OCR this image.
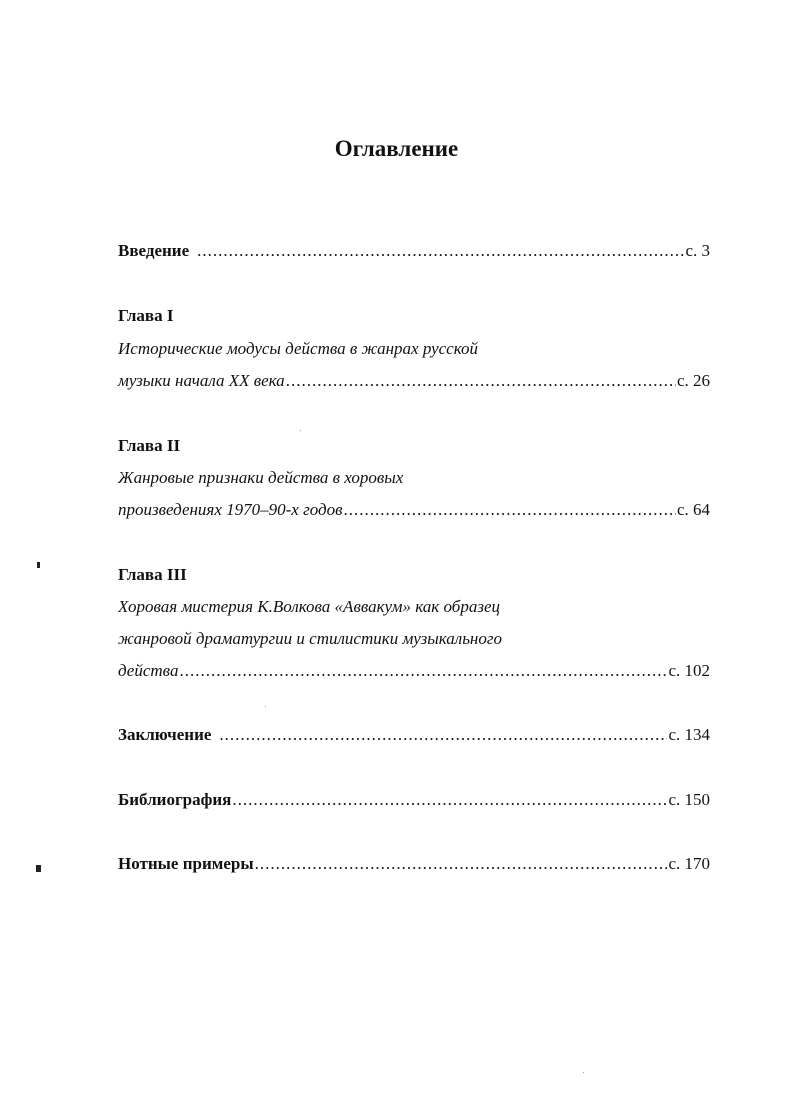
Оглавление
Введение .....	с. 3
Глава I
Исторические модусы действа в жанрах русской
музыки начала XX века .....	с. 26
Глава II
Жанровые признаки действа в хоровых
произведениях 1970–90-х годов .....	с. 64
Глава III
Хоровая мистерия К.Волкова «Аввакум» как образец
жанровой драматургии и стилистики музыкального
действа .....	с. 102
Заключение .....	с. 134
Библиография .....	с. 150
Нотные примеры .....	с. 170
